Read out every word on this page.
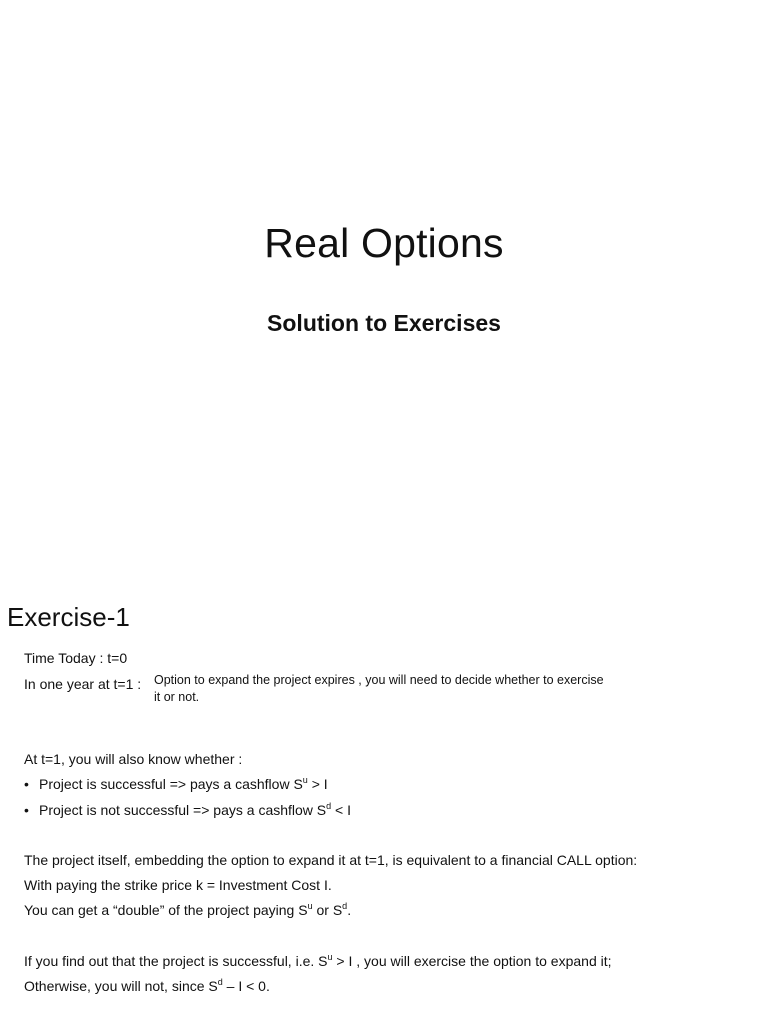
Real Options
Solution to Exercises
Exercise-1
Time Today : t=0
In one year at t=1 : Option to expand the project expires , you will need to decide whether to exercise it or not.
At t=1, you will also know whether :
• Project is successful => pays a cashflow $S^u > I$
• Project is not successful => pays a cashflow $S^d < I$
The project itself, embedding the option to expand it at t=1, is equivalent to a financial CALL option:
With paying the strike price k = Investment Cost I.
You can get a “double” of the project paying $S^u$ or $S^d$.
If you find out that the project is successful, i.e. $S^u > I$ , you will exercise the option to expand it;
Otherwise, you will not, since $S^d - I < 0$.
